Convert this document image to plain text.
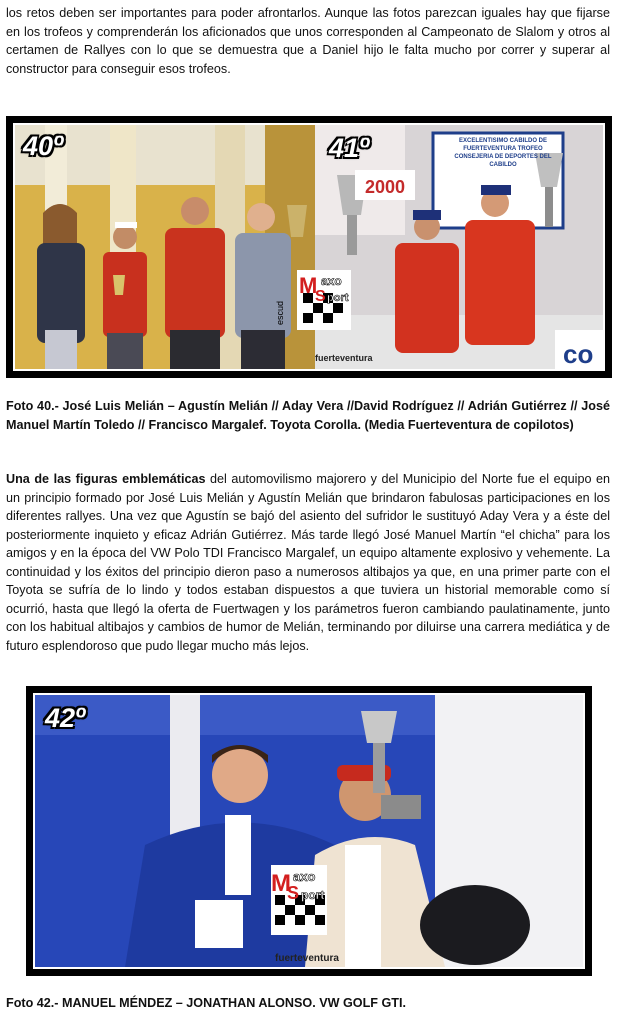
los retos deben ser importantes para poder afrontarlos. Aunque las fotos parezcan iguales hay que fijarse en los trofeos y comprenderán los aficionados que unos corresponden al Campeonato de Slalom y otros al certamen de Rallyes con lo que se demuestra que a Daniel hijo le falta mucho por correr y superar al constructor para conseguir esos trofeos.

co
2000
M axo
S port
fuerteventura
escud
EXCELENTISIMO CABILDO DE FUERTEVENTURA TROFEO CONSEJERIA DE DEPORTES DEL CABILDO
40º	41º

Foto 40.- José Luis Melián – Agustín Melián // Aday Vera //David Rodríguez // Adrián Gutiérrez // José Manuel Martín Toledo // Francisco Margalef. Toyota Corolla. (Media Fuerteventura de copilotos)

Una de las figuras emblemáticas del automovilismo majorero y del Municipio del Norte fue el equipo en un principio formado por José Luis Melián y Agustín Melián que brindaron fabulosas participaciones en los diferentes rallyes. Una vez que Agustín se bajó del asiento del sufridor le sustituyó Aday Vera y a éste del posteriormente inquieto y eficaz Adrián Gutiérrez. Más tarde llegó José Manuel Martín “el chicha” para los amigos y en la época del VW Polo TDI Francisco Margalef, un equipo altamente explosivo y vehemente. La continuidad y los éxitos del principio dieron paso a numerosos altibajos ya que, en una primer parte con el Toyota se sufría de lo lindo y todos estaban dispuestos a que tuviera un historial memorable como sí ocurrió, hasta que llegó la oferta de Fuertwagen y los parámetros fueron cambiando paulatinamente, junto con los habitual altibajos y cambios de humor de Melián, terminando por diluirse una carrera mediática y de futuro esplendoroso que pudo llegar mucho más lejos.

M axo
S port
fuerteventura
42º

Foto 42.- MANUEL MÉNDEZ – JONATHAN ALONSO. VW GOLF GTI.
